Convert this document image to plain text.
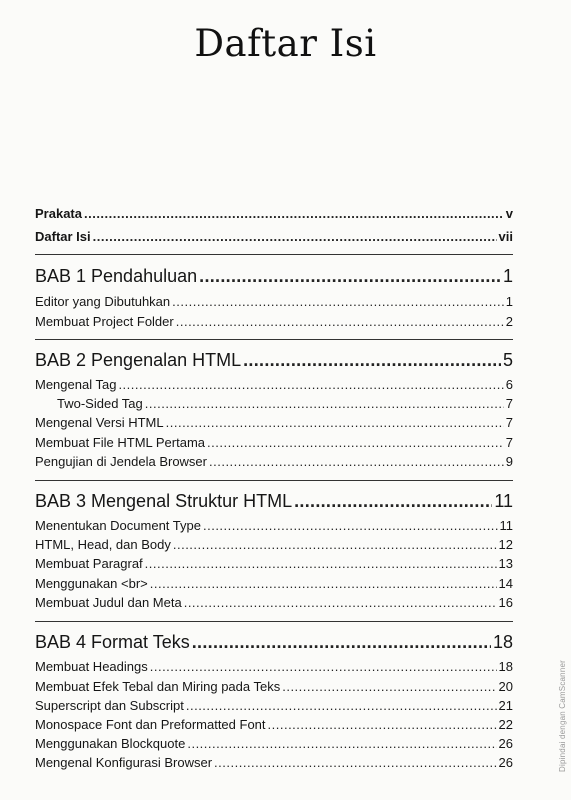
Daftar Isi
Prakata .....	v
Daftar Isi .....	vii
BAB 1 Pendahuluan .....	1
Editor yang Dibutuhkan .....	1
Membuat Project Folder .....	2
BAB 2 Pengenalan HTML .....	5
Mengenal Tag .....	6
Two-Sided Tag .....	7
Mengenal Versi HTML .....	7
Membuat File HTML Pertama .....	7
Pengujian di Jendela Browser .....	9
BAB 3 Mengenal Struktur HTML .....	11
Menentukan Document Type .....	11
HTML, Head, dan Body .....	12
Membuat Paragraf .....	13
Menggunakan <br> .....	14
Membuat Judul dan Meta .....	16
BAB 4 Format Teks .....	18
Membuat Headings .....	18
Membuat Efek Tebal dan Miring pada Teks .....	20
Superscript dan Subscript .....	21
Monospace Font dan Preformatted Font .....	22
Menggunakan Blockquote .....	26
Mengenal Konfigurasi Browser .....	26	Dipindai dengan CamScanner
